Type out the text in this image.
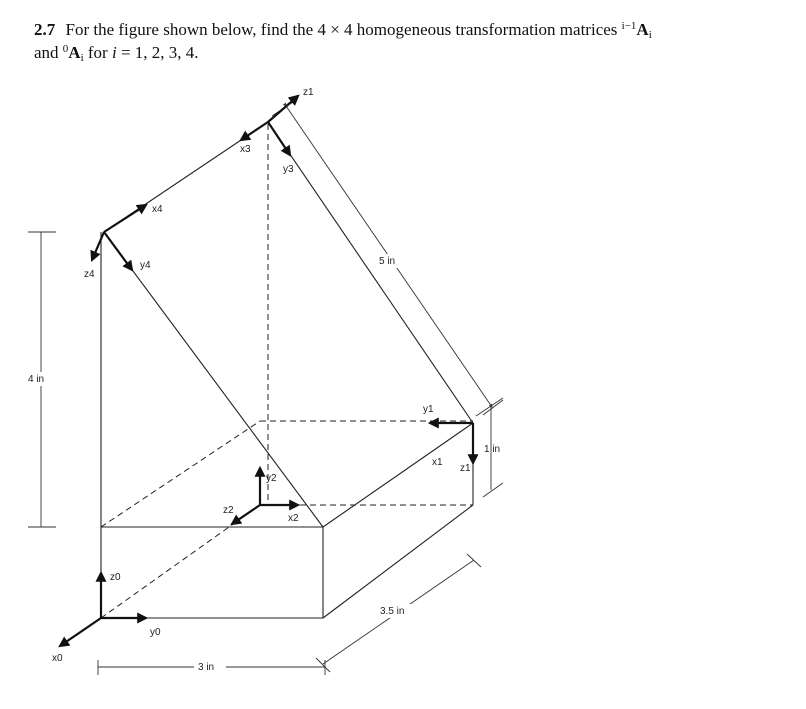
2.7 For the figure shown below, find the 4 × 4 homogeneous transformation matrices $^{i-1}A_i$
and $^0A_i$ for i = 1, 2, 3, 4.
4 in
5 in
1 in
3 in
3.5 in
z0
y0
x0
y1
x1
z1
y2
x2
z2
z1
x3
y3
x4
y4
z4
